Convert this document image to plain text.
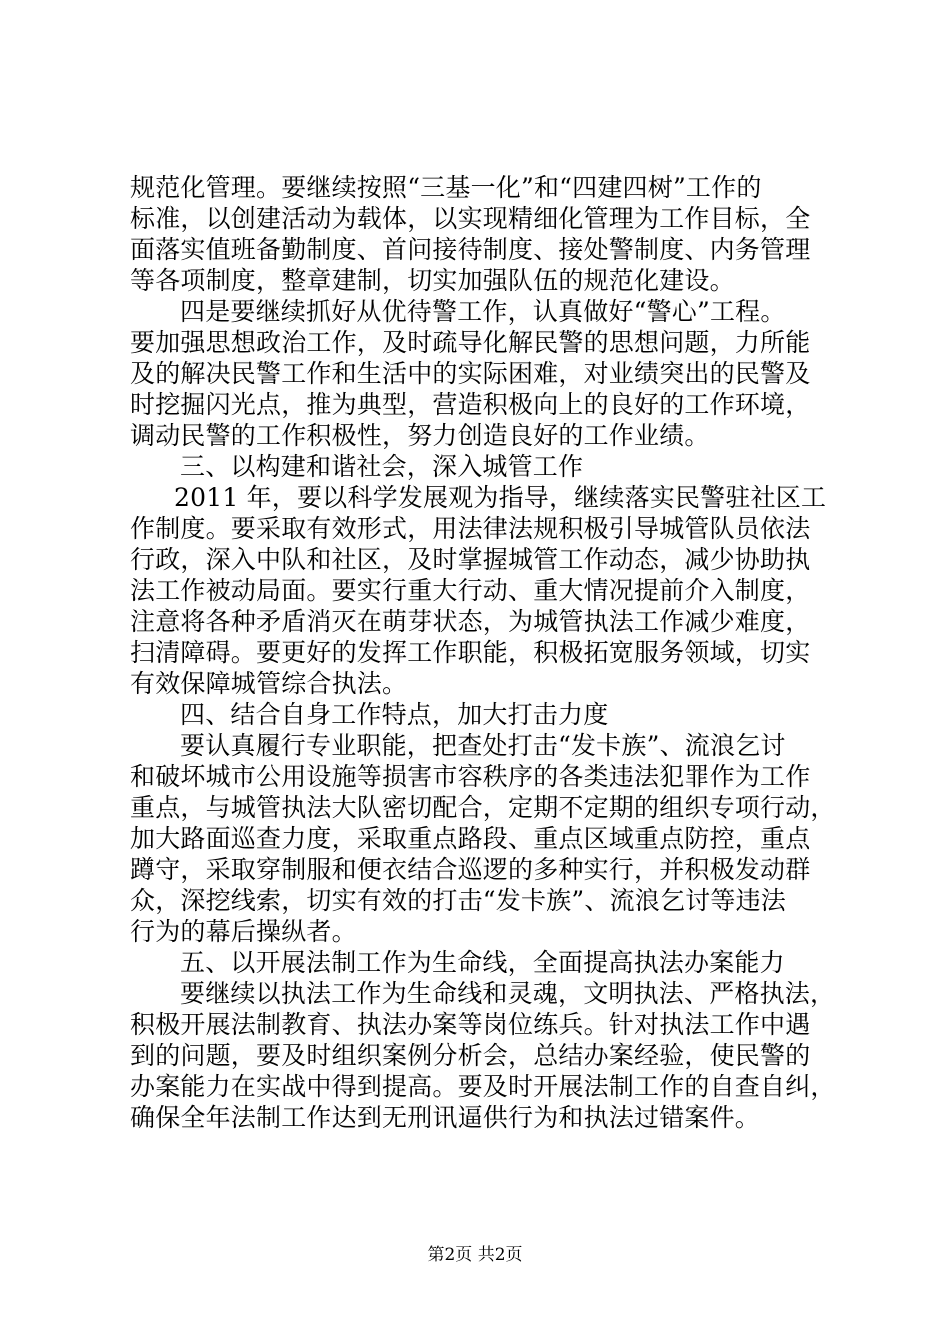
规范化管理。要继续按照“三基一化”和“四建四树”工作的
标准，以创建活动为载体，以实现精细化管理为工作目标，全
面落实值班备勤制度、首问接待制度、接处警制度、内务管理
等各项制度，整章建制，切实加强队伍的规范化建设。
四是要继续抓好从优待警工作，认真做好“警心”工程。
要加强思想政治工作，及时疏导化解民警的思想问题，力所能
及的解决民警工作和生活中的实际困难，对业绩突出的民警及
时挖掘闪光点，推为典型，营造积极向上的良好的工作环境，
调动民警的工作积极性，努力创造良好的工作业绩。
三、以构建和谐社会，深入城管工作
2011 年，要以科学发展观为指导，继续落实民警驻社区工
作制度。要采取有效形式，用法律法规积极引导城管队员依法
行政，深入中队和社区，及时掌握城管工作动态，减少协助执
法工作被动局面。要实行重大行动、重大情况提前介入制度，
注意将各种矛盾消灭在萌芽状态，为城管执法工作减少难度，
扫清障碍。要更好的发挥工作职能，积极拓宽服务领域，切实
有效保障城管综合执法。
四、结合自身工作特点，加大打击力度
要认真履行专业职能，把查处打击“发卡族”、流浪乞讨
和破坏城市公用设施等损害市容秩序的各类违法犯罪作为工作
重点，与城管执法大队密切配合，定期不定期的组织专项行动，
加大路面巡查力度，采取重点路段、重点区域重点防控，重点
蹲守，采取穿制服和便衣结合巡逻的多种实行，并积极发动群
众，深挖线索，切实有效的打击“发卡族”、流浪乞讨等违法
行为的幕后操纵者。
五、以开展法制工作为生命线，全面提高执法办案能力
要继续以执法工作为生命线和灵魂，文明执法、严格执法，
积极开展法制教育、执法办案等岗位练兵。针对执法工作中遇
到的问题，要及时组织案例分析会，总结办案经验，使民警的
办案能力在实战中得到提高。要及时开展法制工作的自查自纠，
确保全年法制工作达到无刑讯逼供行为和执法过错案件。
第2页 共2页
